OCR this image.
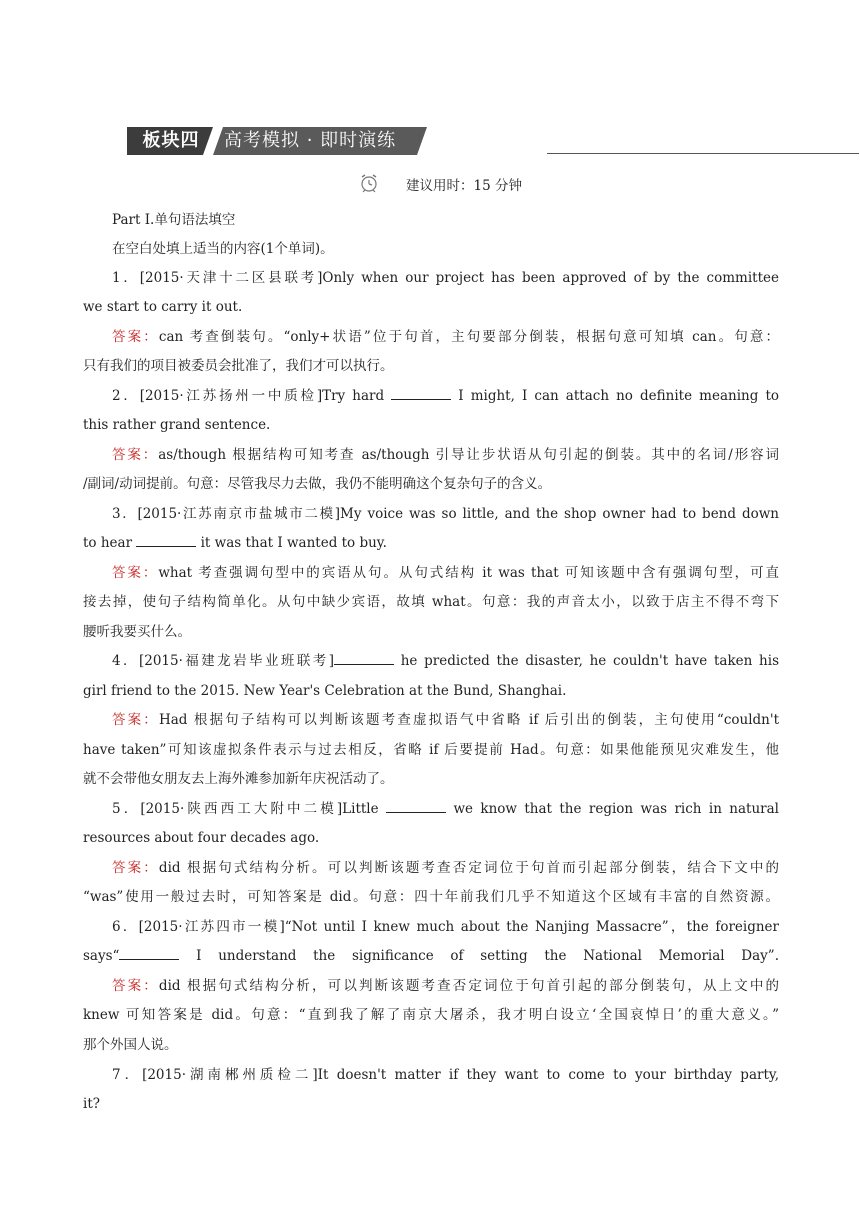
板块四	高考模拟 · 即时演练
建议用时：15 分钟
Part Ⅰ.单句语法填空
在空白处填上适当的内容(1个单词)。
1．[2015·天津十二区县联考]Only when our project has been approved of by the committee
we start to carry it out.
答案：can 考查倒装句。“only+状语”位于句首，主句要部分倒装，根据句意可知填 can。句意：
只有我们的项目被委员会批准了，我们才可以执行。
2．[2015·江苏扬州一中质检]Try hard	I might, I can attach no definite meaning to
this rather grand sentence.
答案：as/though 根据结构可知考查 as/though 引导让步状语从句引起的倒装。其中的名词/形容词
/副词/动词提前。句意：尽管我尽力去做，我仍不能明确这个复杂句子的含义。
3．[2015·江苏南京市盐城市二模]My voice was so little, and the shop owner had to bend down
to hear	it was that I wanted to buy.
答案：what 考查强调句型中的宾语从句。从句式结构 it was that 可知该题中含有强调句型，可直
接去掉，使句子结构简单化。从句中缺少宾语，故填 what。句意：我的声音太小，以致于店主不得不弯下
腰听我要买什么。
4．[2015·福建龙岩毕业班联考]	he predicted the disaster, he couldn't have taken his
girl friend to the 2015. New Year's Celebration at the Bund, Shanghai.
答案：Had 根据句子结构可以判断该题考查虚拟语气中省略 if 后引出的倒装，主句使用“couldn't
have taken”可知该虚拟条件表示与过去相反，省略 if 后要提前 Had。句意：如果他能预见灾难发生，他
就不会带他女朋友去上海外滩参加新年庆祝活动了。
5．[2015·陕西西工大附中二模]Little	we know that the region was rich in natural
resources about four decades ago.
答案：did 根据句式结构分析。可以判断该题考查否定词位于句首而引起部分倒装，结合下文中的
“was”使用一般过去时，可知答案是 did。句意：四十年前我们几乎不知道这个区域有丰富的自然资源。
6．[2015·江苏四市一模]“Not until I knew much about the Nanjing Massacre”，the foreigner
says“	I understand the significance of setting the National Memorial Day”.
答案：did 根据句式结构分析，可以判断该题考查否定词位于句首引起的部分倒装句，从上文中的
knew 可知答案是 did。句意：“直到我了解了南京大屠杀，我才明白设立‘全国哀悼日’的重大意义。”
那个外国人说。
7．[2015·湖南郴州质检二]It doesn't matter if they want to come to your birthday party,
it?
